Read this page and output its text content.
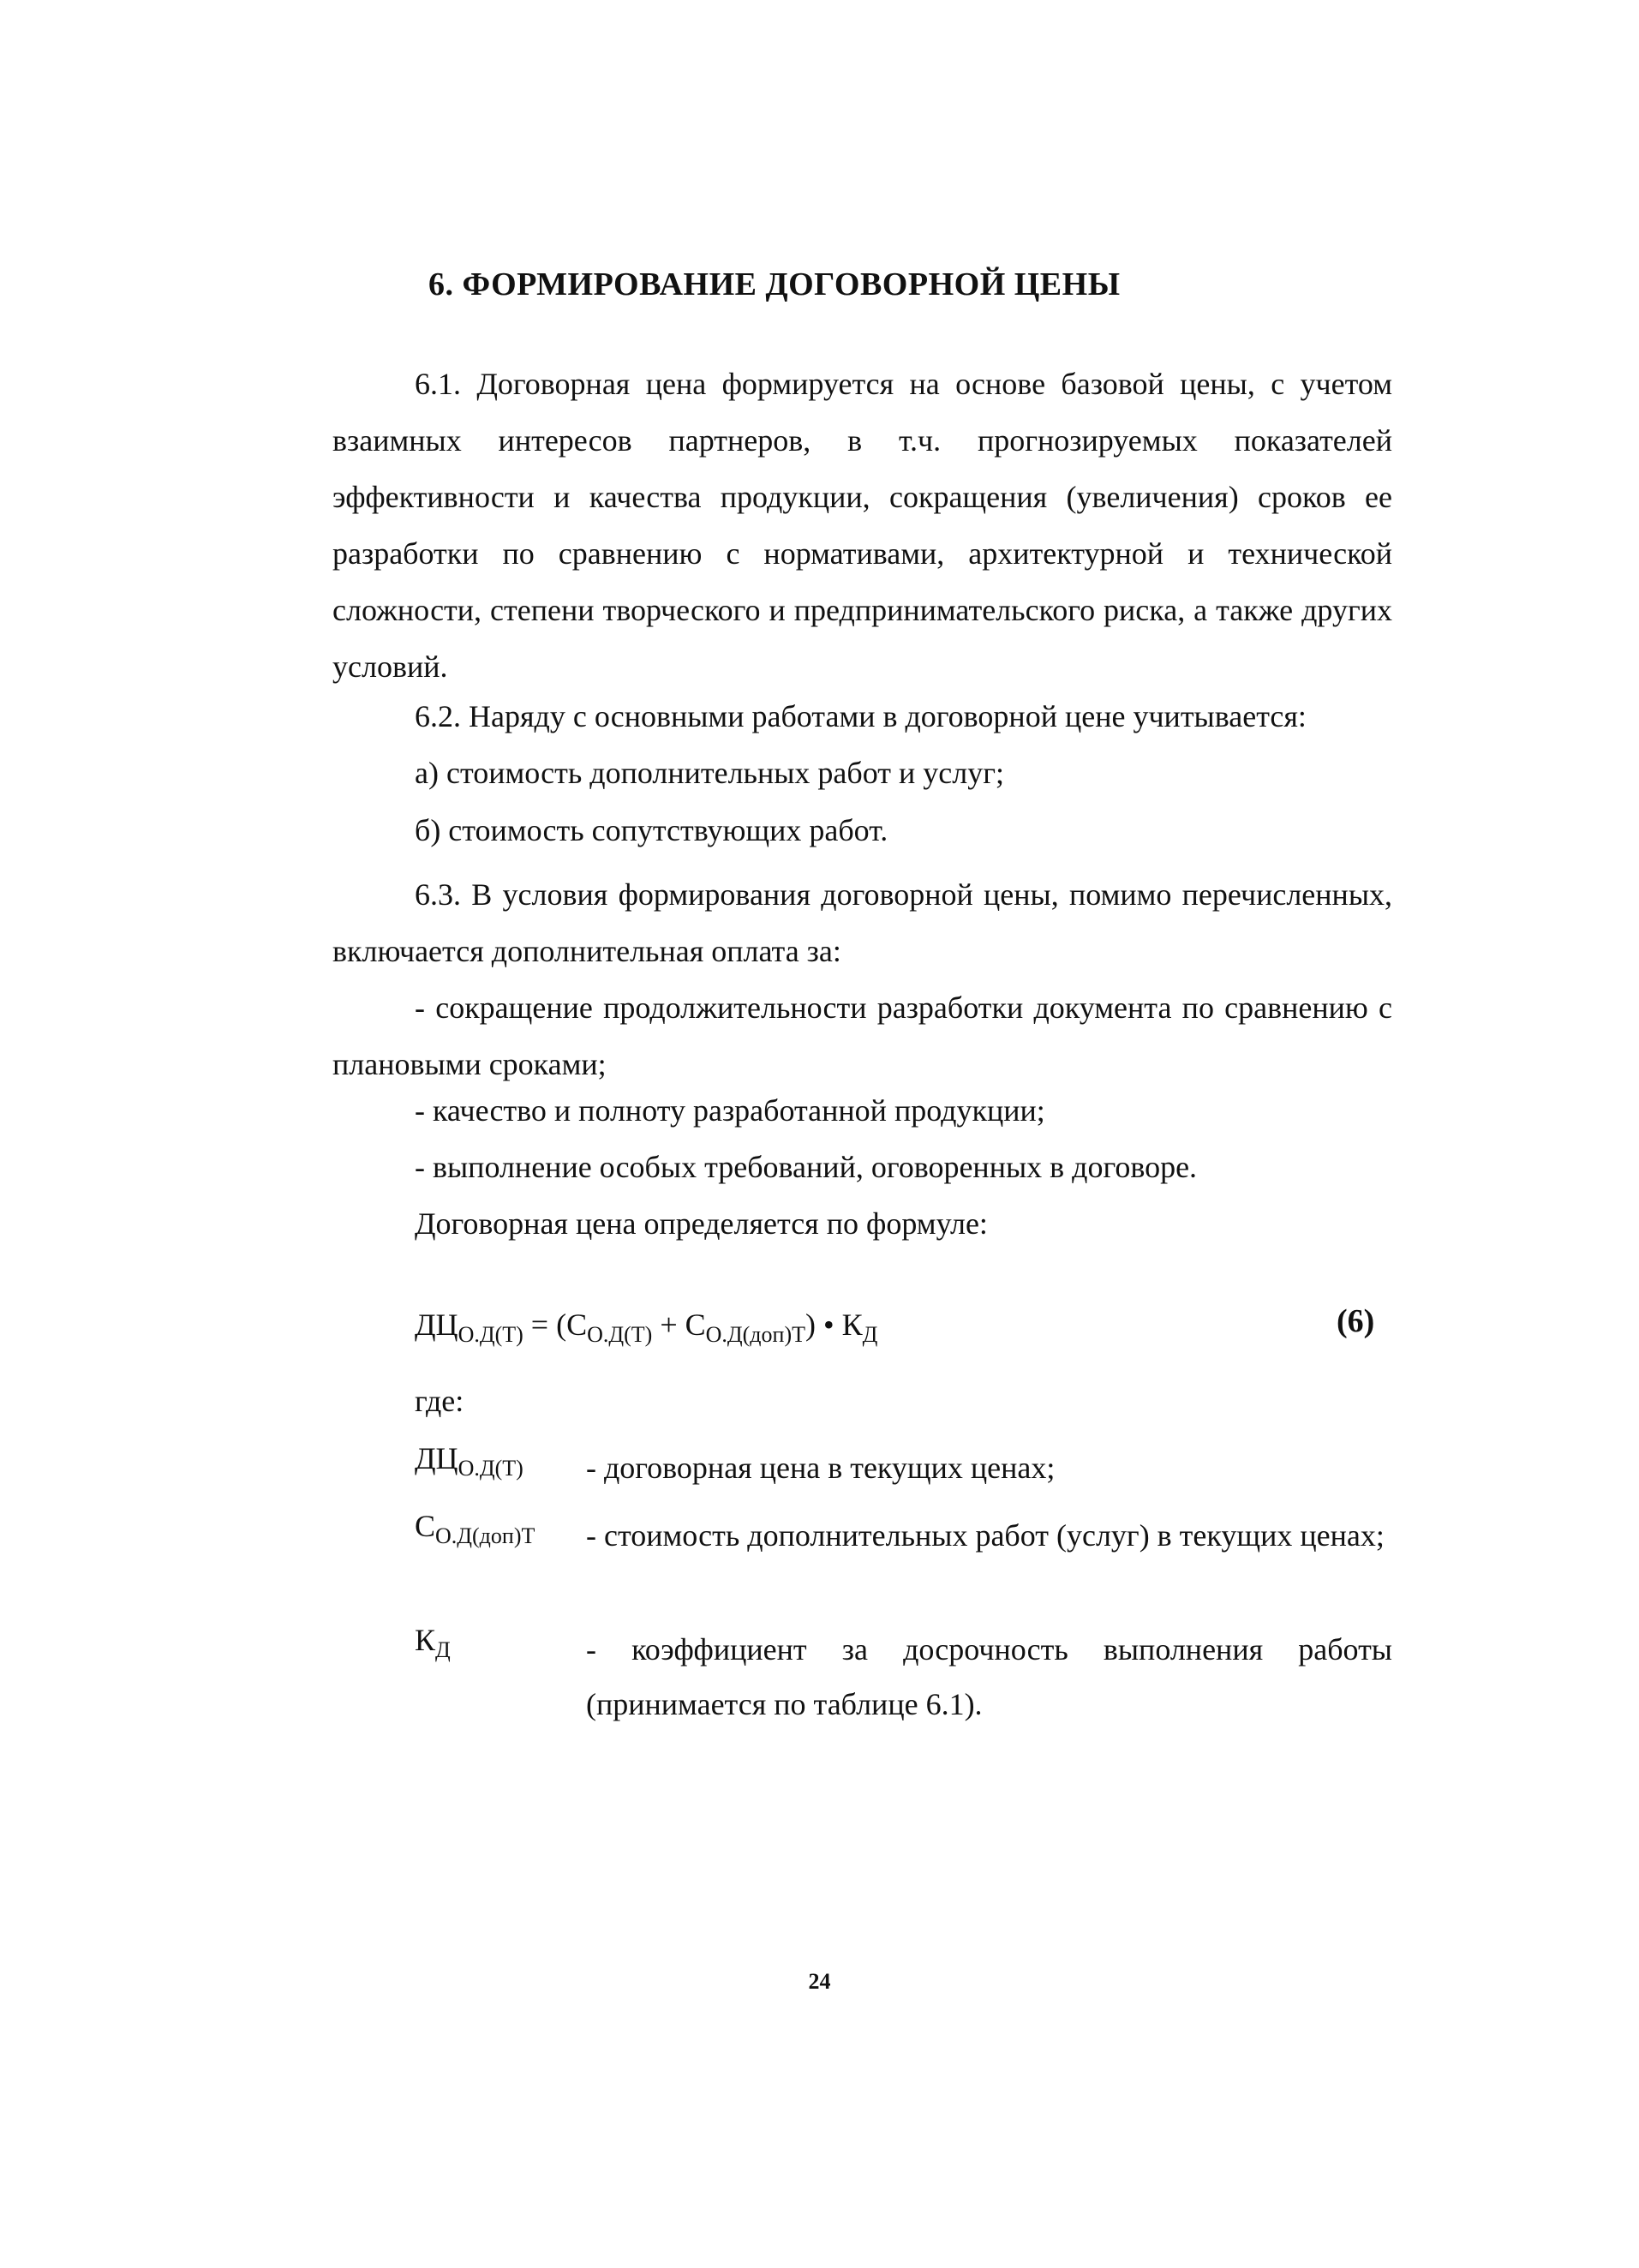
6. ФОРМИРОВАНИЕ ДОГОВОРНОЙ ЦЕНЫ
6.1. Договорная цена формируется на основе базовой цены, с учетом взаимных интересов партнеров, в т.ч. прогнозируемых показателей эффективности и качества продукции, сокращения (увеличения) сроков ее разработки по сравнению с нормативами, архитектурной и технической сложности, степени творческого и предпринимательского риска, а также других условий.
6.2. Наряду с основными работами в договорной цене учитывается:
а) стоимость дополнительных работ и услуг;
б) стоимость сопутствующих работ.
6.3. В условия формирования договорной цены, помимо перечисленных, включается дополнительная оплата за:
- сокращение продолжительности разработки документа по сравнению с плановыми сроками;
- качество и полноту разработанной продукции;
- выполнение особых требований, оговоренных в договоре.
Договорная цена определяется по формуле:
$ДЦ_{О.Д(Т)} = (С_{О.Д(Т)} + С_{О.Д(доп)Т})$ • $К_Д$	(6)
где:
$ДЦ_{О.Д(Т)}$ - договорная цена в текущих ценах;
$С_{О.Д(доп)Т}$ - стоимость дополнительных работ (услуг) в текущих ценах;
$К_Д$	- коэффициент за досрочность выполнения работы (принимается по таблице 6.1).
24
